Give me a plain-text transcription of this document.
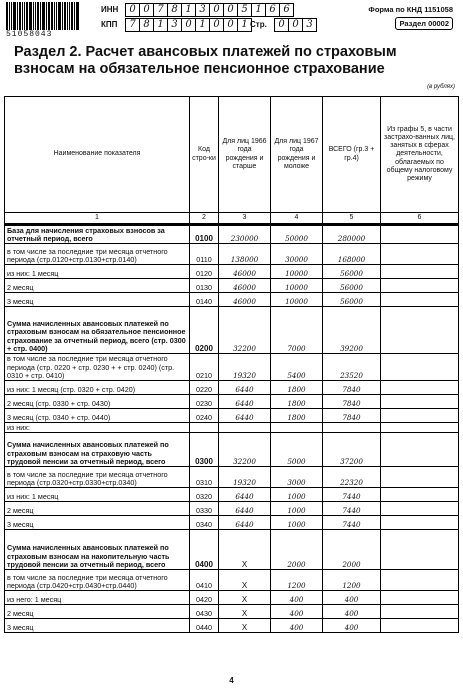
51058043
ИНН	0 0 7 8 1 3 0 0 5 1 6 6
КПП	7 8 1 3 0 1 0 0 1 Стр.	0 0 3
Форма по КНД 1151058
Раздел 00002
Раздел 2. Расчет авансовых платежей по страховым взносам на обязательное пенсионное страхование
(в рублях)
Наименование показателя	Код стро-ки	Для лиц 1966 года рождения и старше	Для лиц 1967 года рождения и моложе	ВСЕГО (гр.3 + гр.4)	Из графы 5, в части застрахо-ванных лиц, занятых в сферах деятельности, облагаемых по общему налоговому режиму
1	2	3	4	5	6
База для начисления страховых взносов за отчетный период, всего	0100	230000	50000	280000	
в том числе за последние три месяца отчетного периода (стр.0120+стр.0130+стр.0140)	0110	138000	30000	168000	
из них: 1 месяц	0120	46000	10000	56000	
2 месяц	0130	46000	10000	56000	
3 месяц	0140	46000	10000	56000	
Сумма начисленных авансовых платежей по страховым взносам на обязательное пенсионное страхование за отчетный период, всего (стр. 0300 + стр. 0400)	0200	32200	7000	39200	
в том числе за последние три месяца отчетного периода (стр. 0220 + стр. 0230 + + стр. 0240) (стр. 0310 + стр. 0410)	0210	19320	5400	23520	
из них: 1 месяц (стр. 0320 + стр. 0420)	0220	6440	1800	7840	
2 месяц (стр. 0330 + стр. 0430)	0230	6440	1800	7840	
3 месяц (стр. 0340 + стр. 0440)	0240	6440	1800	7840	
из них:					
Сумма начисленных авансовых платежей по страховым взносам на страховую часть трудовой пенсии за отчетный период, всего	0300	32200	5000	37200	
в том числе за последние три месяца отчетного периода (стр.0320+стр.0330+стр.0340)	0310	19320	3000	22320	
из них: 1 месяц	0320	6440	1000	7440	
2 месяц	0330	6440	1000	7440	
3 месяц	0340	6440	1000	7440	
Сумма начисленных авансовых платежей по страховым взносам на накопительную часть трудовой пенсии за отчетный период, всего	0400	Х	2000	2000	
в том числе за последние три месяца отчетного периода (стр.0420+стр.0430+стр.0440)	0410	Х	1200	1200	
из него: 1 месяц	0420	Х	400	400	
2 месяц	0430	Х	400	400	
3 месяц	0440	Х	400	400	
4
